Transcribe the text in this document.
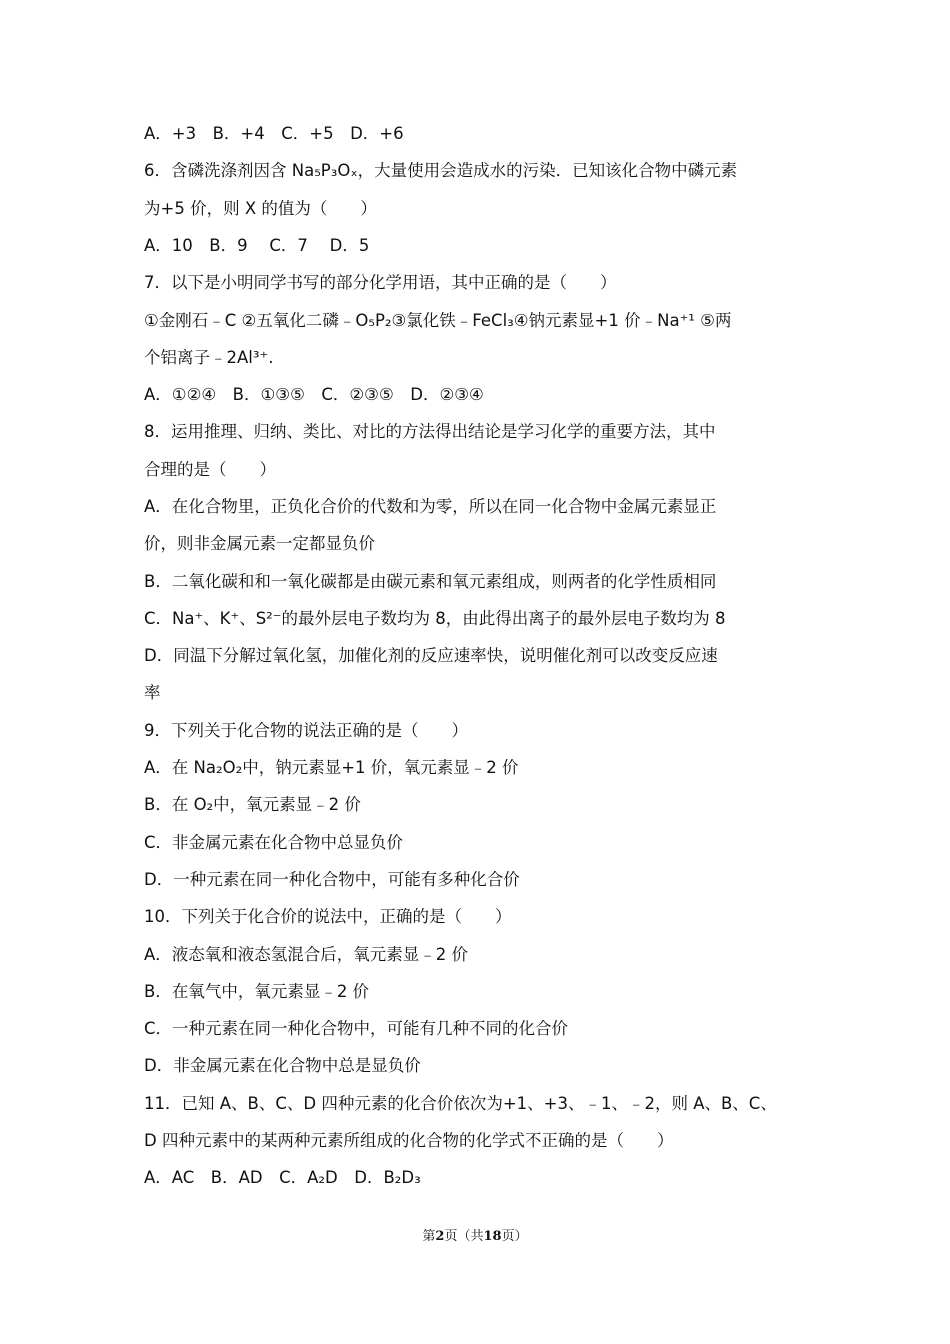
A．+3　B．+4　C．+5　D．+6
6．含磷洗涤剂因含 Na₅P₃Oₓ，大量使用会造成水的污染．已知该化合物中磷元素
为+5 价，则 X 的值为（　　）
A．10　B．9　 C．7　 D．5
7．以下是小明同学书写的部分化学用语，其中正确的是（　　）
①金刚石﹣C ②五氧化二磷﹣O₅P₂③氯化铁﹣FeCl₃④钠元素显+1 价﹣Na⁺¹ ⑤两
个铝离子﹣2Al³⁺.
A．①②④　B．①③⑤　C．②③⑤　D．②③④
8．运用推理、归纳、类比、对比的方法得出结论是学习化学的重要方法，其中
合理的是（　　）
A．在化合物里，正负化合价的代数和为零，所以在同一化合物中金属元素显正
价，则非金属元素一定都显负价
B．二氧化碳和和一氧化碳都是由碳元素和氧元素组成，则两者的化学性质相同
C．Na⁺、K⁺、S²⁻的最外层电子数均为 8，由此得出离子的最外层电子数均为 8
D．同温下分解过氧化氢，加催化剂的反应速率快，说明催化剂可以改变反应速
率
9．下列关于化合物的说法正确的是（　　）
A．在 Na₂O₂中，钠元素显+1 价，氧元素显﹣2 价
B．在 O₂中，氧元素显﹣2 价
C．非金属元素在化合物中总显负价
D．一种元素在同一种化合物中，可能有多种化合价
10．下列关于化合价的说法中，正确的是（　　）
A．液态氧和液态氢混合后，氧元素显﹣2 价
B．在氧气中，氧元素显﹣2 价
C．一种元素在同一种化合物中，可能有几种不同的化合价
D．非金属元素在化合物中总是显负价
11．已知 A、B、C、D 四种元素的化合价依次为+1、+3、﹣1、﹣2，则 A、B、C、
D 四种元素中的某两种元素所组成的化合物的化学式不正确的是（　　）
A．AC　B．AD　C．A₂D　D．B₂D₃
第2页（共18页）
